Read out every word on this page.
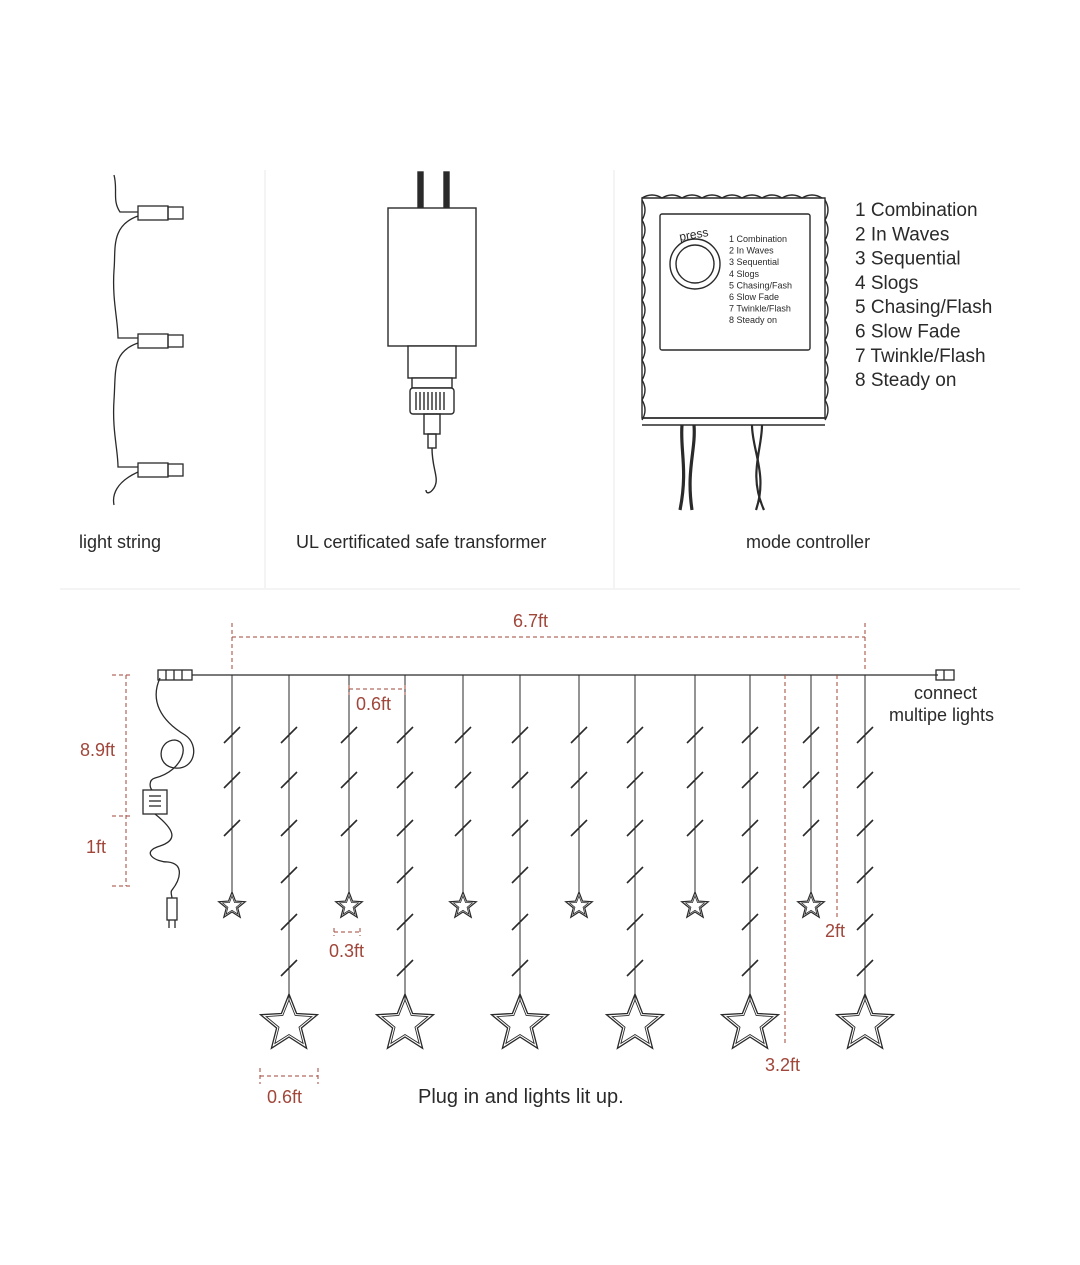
light string	UL certificated safe transformer
press 1 Combination
2 In Waves
3 Sequential
4 Slogs
5 Chasing/Fash
6 Slow Fade
7 Twinkle/Flash
8 Steady on
1 Combination
2 In Waves
3 Sequential
4 Slogs
5 Chasing/Flash
6 Slow Fade
7 Twinkle/Flash
8 Steady on
mode controller
6.7ft
8.9ft
1ft
0.6ft
0.6ft
0.3ft
2ft
3.2ft
connect
multipe lights
Plug in and lights lit up.
